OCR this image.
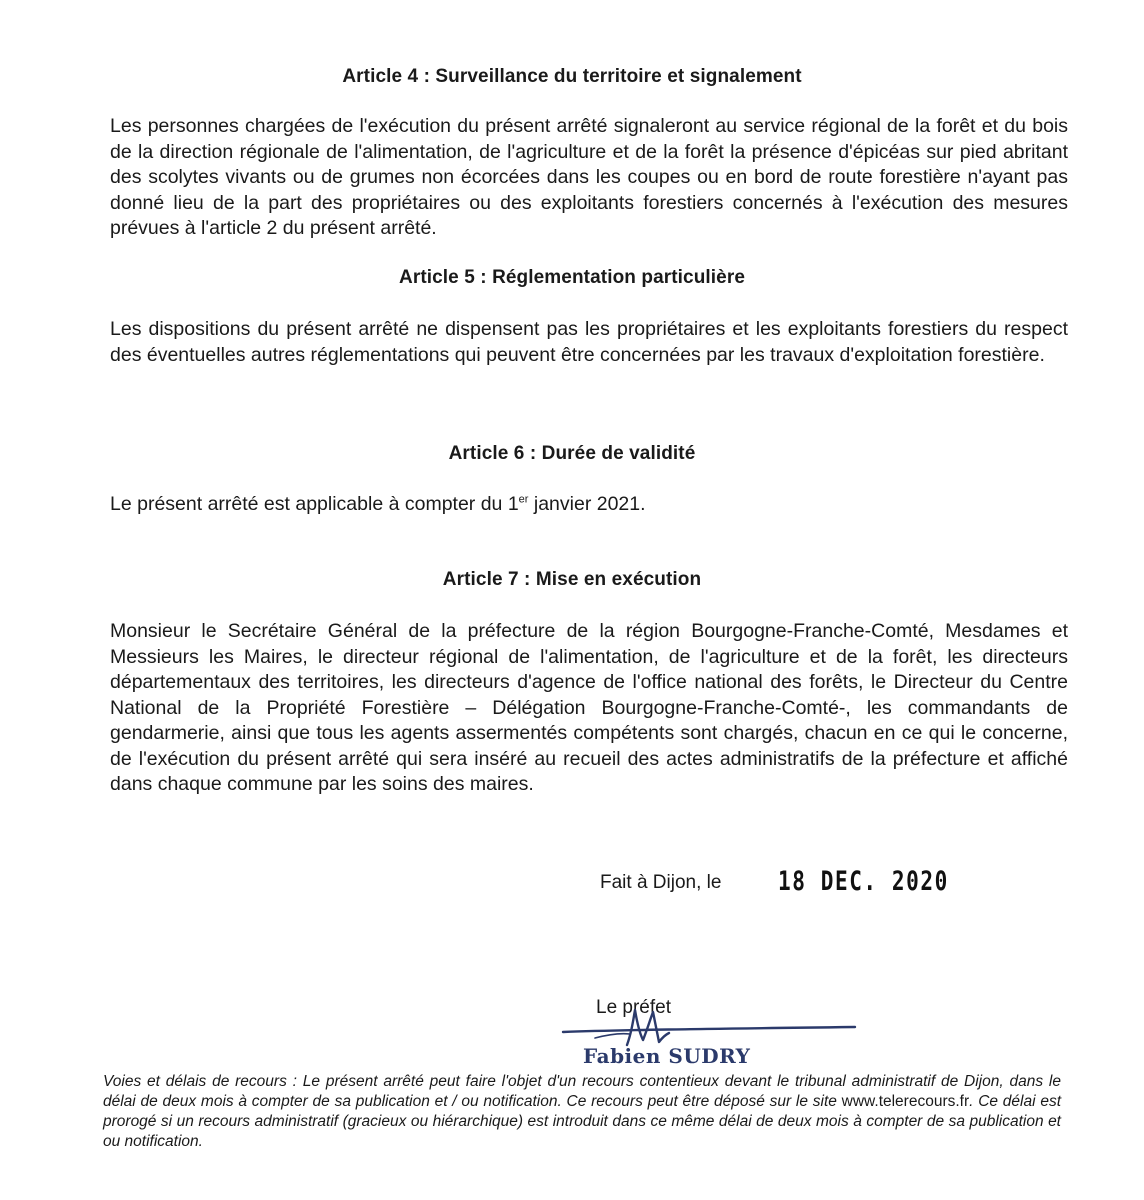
Article 4 : Surveillance du territoire et signalement
Les personnes chargées de l'exécution du présent arrêté signaleront au service régional de la forêt et du bois de la direction régionale de l'alimentation, de l'agriculture et de la forêt la présence d'épicéas sur pied abritant des scolytes vivants ou de grumes non écorcées dans les coupes ou en bord de route forestière n'ayant pas donné lieu de la part des propriétaires ou des exploitants forestiers concernés à l'exécution des mesures prévues à l'article 2 du présent arrêté.
Article 5 : Réglementation particulière
Les dispositions du présent arrêté ne dispensent pas les propriétaires et les exploitants forestiers du respect des éventuelles autres réglementations qui peuvent être concernées par les travaux d'exploitation forestière.
Article 6 : Durée de validité
Le présent arrêté est applicable à compter du 1er janvier 2021.
Article 7 : Mise en exécution
Monsieur le Secrétaire Général de la préfecture de la région Bourgogne-Franche-Comté, Mesdames et Messieurs les Maires, le directeur régional de l'alimentation, de l'agriculture et de la forêt, les directeurs départementaux des territoires, les directeurs d'agence de l'office national des forêts, le Directeur du Centre National de la Propriété Forestière – Délégation Bourgogne-Franche-Comté-, les commandants de gendarmerie, ainsi que tous les agents assermentés compétents sont chargés, chacun en ce qui le concerne, de l'exécution du présent arrêté qui sera inséré au recueil des actes administratifs de la préfecture et affiché dans chaque commune par les soins des maires.
Fait à Dijon, le 18 DEC. 2020
Le préfet
Fabien SUDRY
Voies et délais de recours : Le présent arrêté peut faire l'objet d'un recours contentieux devant le tribunal administratif de Dijon, dans le délai de deux mois à compter de sa publication et / ou notification. Ce recours peut être déposé sur le site www.telerecours.fr. Ce délai est prorogé si un recours administratif (gracieux ou hiérarchique) est introduit dans ce même délai de deux mois à compter de sa publication et ou notification.
